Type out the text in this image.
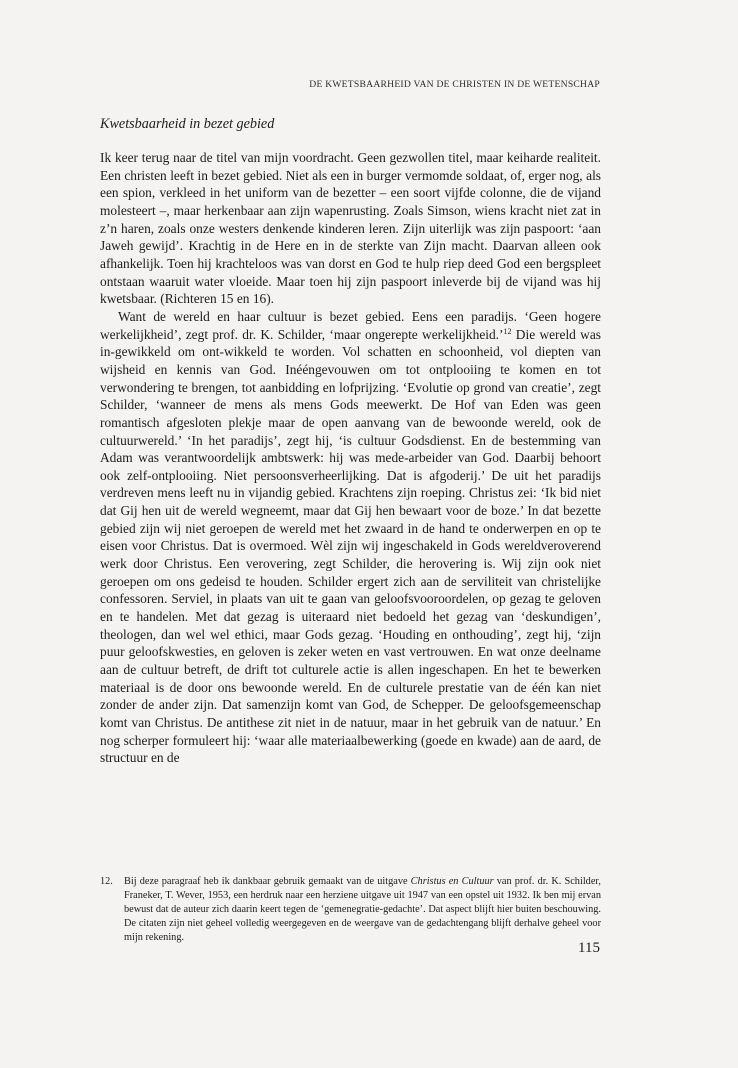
DE KWETSBAARHEID VAN DE CHRISTEN IN DE WETENSCHAP
Kwetsbaarheid in bezet gebied

Ik keer terug naar de titel van mijn voordracht. Geen gezwollen titel, maar keiharde realiteit. Een christen leeft in bezet gebied. Niet als een in burger vermomde soldaat, of, erger nog, als een spion, verkleed in het uniform van de bezetter – een soort vijfde colonne, die de vijand molesteert –, maar herkenbaar aan zijn wapenrusting. Zoals Simson, wiens kracht niet zat in z’n haren, zoals onze westers denkende kinderen leren. Zijn uiterlijk was zijn paspoort: ‘aan Jaweh gewijd’. Krachtig in de Here en in de sterkte van Zijn macht. Daarvan alleen ook afhankelijk. Toen hij krachteloos was van dorst en God te hulp riep deed God een bergspleet ontstaan waaruit water vloeide. Maar toen hij zijn paspoort inleverde bij de vijand was hij kwetsbaar. (Richteren 15 en 16).

Want de wereld en haar cultuur is bezet gebied. Eens een paradijs. ‘Geen hogere werkelijkheid’, zegt prof. dr. K. Schilder, ‘maar ongerepte werkelijkheid.’$^{12}$ Die wereld was in-gewikkeld om ont-wikkeld te worden. Vol schatten en schoonheid, vol diepten van wijsheid en kennis van God. Inééngevouwen om tot ontplooiing te komen en tot verwondering te brengen, tot aanbidding en lofprijzing. ‘Evolutie op grond van creatie’, zegt Schilder, ‘wanneer de mens als mens Gods meewerkt. De Hof van Eden was geen romantisch afgesloten plekje maar de open aanvang van de bewoonde wereld, ook de cultuurwereld.’ ‘In het paradijs’, zegt hij, ‘is cultuur Godsdienst. En de bestemming van Adam was verantwoordelijk ambtswerk: hij was mede-arbeider van God. Daarbij behoort ook zelf-ontplooiing. Niet persoonsverheerlijking. Dat is afgoderij.’ De uit het paradijs verdreven mens leeft nu in vijandig gebied. Krachtens zijn roeping. Christus zei: ‘Ik bid niet dat Gij hen uit de wereld wegneemt, maar dat Gij hen bewaart voor de boze.’ In dat bezette gebied zijn wij niet geroepen de wereld met het zwaard in de hand te onderwerpen en op te eisen voor Christus. Dat is overmoed. Wèl zijn wij ingeschakeld in Gods wereldveroverend werk door Christus. Een verovering, zegt Schilder, die herovering is. Wij zijn ook niet geroepen om ons gedeisd te houden. Schilder ergert zich aan de serviliteit van christelijke confessoren. Serviel, in plaats van uit te gaan van geloofsvooroordelen, op gezag te geloven en te handelen. Met dat gezag is uiteraard niet bedoeld het gezag van ‘deskundigen’, theologen, dan wel wel ethici, maar Gods gezag. ‘Houding en onthouding’, zegt hij, ‘zijn puur geloofskwesties, en geloven is zeker weten en vast vertrouwen. En wat onze deelname aan de cultuur betreft, de drift tot culturele actie is allen ingeschapen. En het te bewerken materiaal is de door ons bewoonde wereld. En de culturele prestatie van de één kan niet zonder de ander zijn. Dat samenzijn komt van God, de Schepper. De geloofsgemeenschap komt van Christus. De antithese zit niet in de natuur, maar in het gebruik van de natuur.’ En nog scherper formuleert hij: ‘waar alle materiaalbewerking (goede en kwade) aan de aard, de structuur en de

12.	Bij deze paragraaf heb ik dankbaar gebruik gemaakt van de uitgave Christus en Cultuur van prof. dr. K. Schilder, Franeker, T. Wever, 1953, een herdruk naar een herziene uitgave uit 1947 van een opstel uit 1932. Ik ben mij ervan bewust dat de auteur zich daarin keert tegen de ‘gemenegratie-gedachte’. Dat aspect blijft hier buiten beschouwing. De citaten zijn niet geheel volledig weergegeven en de weergave van de gedachtengang blijft derhalve geheel voor mijn rekening.
115
